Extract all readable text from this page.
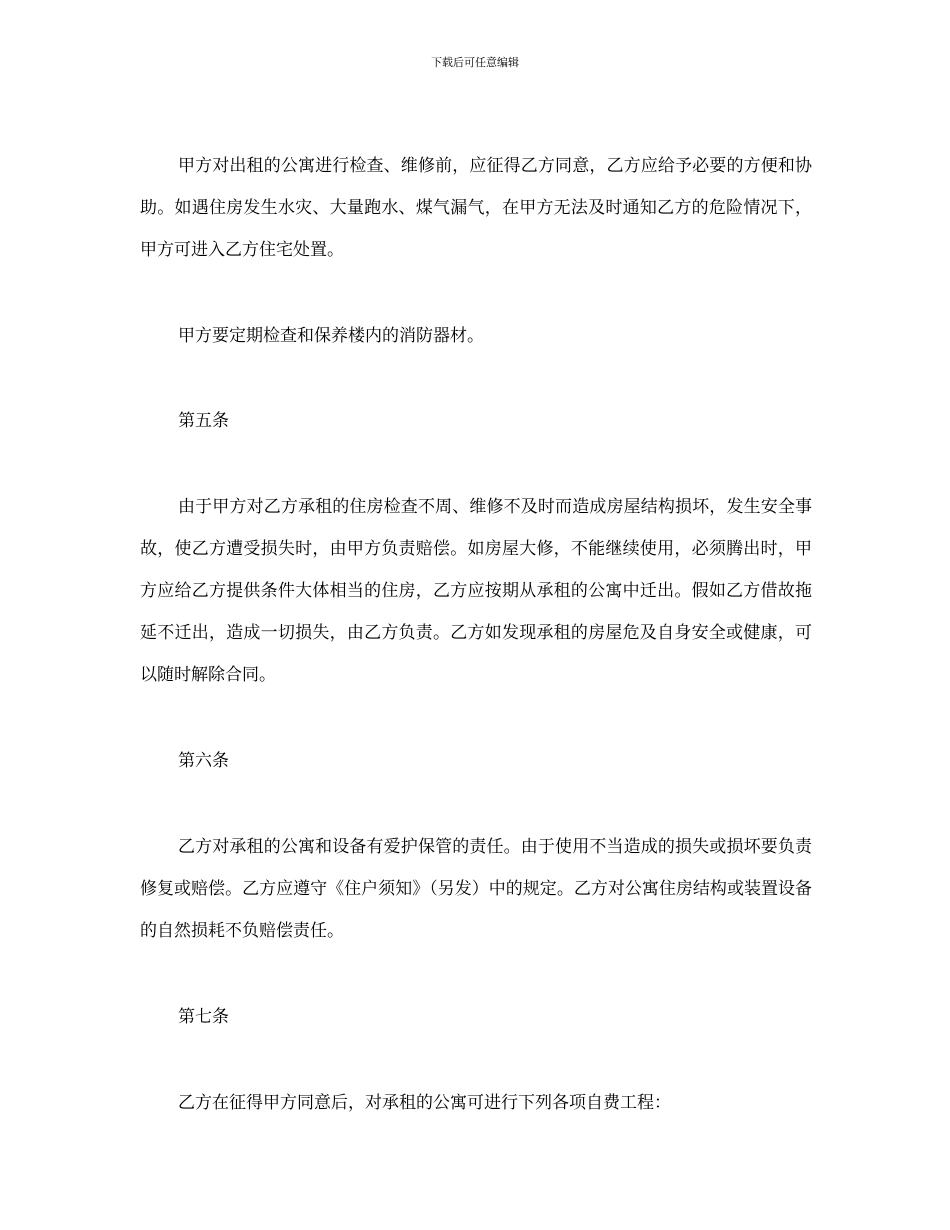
下载后可任意编辑

甲方对出租的公寓进行检查、维修前，应征得乙方同意，乙方应给予必要的方便和协助。如遇住房发生水灾、大量跑水、煤气漏气，在甲方无法及时通知乙方的危险情况下，甲方可进入乙方住宅处置。

甲方要定期检查和保养楼内的消防器材。

第五条

由于甲方对乙方承租的住房检查不周、维修不及时而造成房屋结构损坏，发生安全事故，使乙方遭受损失时，由甲方负责赔偿。如房屋大修，不能继续使用，必须腾出时，甲方应给乙方提供条件大体相当的住房，乙方应按期从承租的公寓中迁出。假如乙方借故拖延不迁出，造成一切损失，由乙方负责。乙方如发现承租的房屋危及自身安全或健康，可以随时解除合同。

第六条

乙方对承租的公寓和设备有爱护保管的责任。由于使用不当造成的损失或损坏要负责修复或赔偿。乙方应遵守《住户须知》（另发）中的规定。乙方对公寓住房结构或装置设备的自然损耗不负赔偿责任。

第七条

乙方在征得甲方同意后，对承租的公寓可进行下列各项自费工程：
